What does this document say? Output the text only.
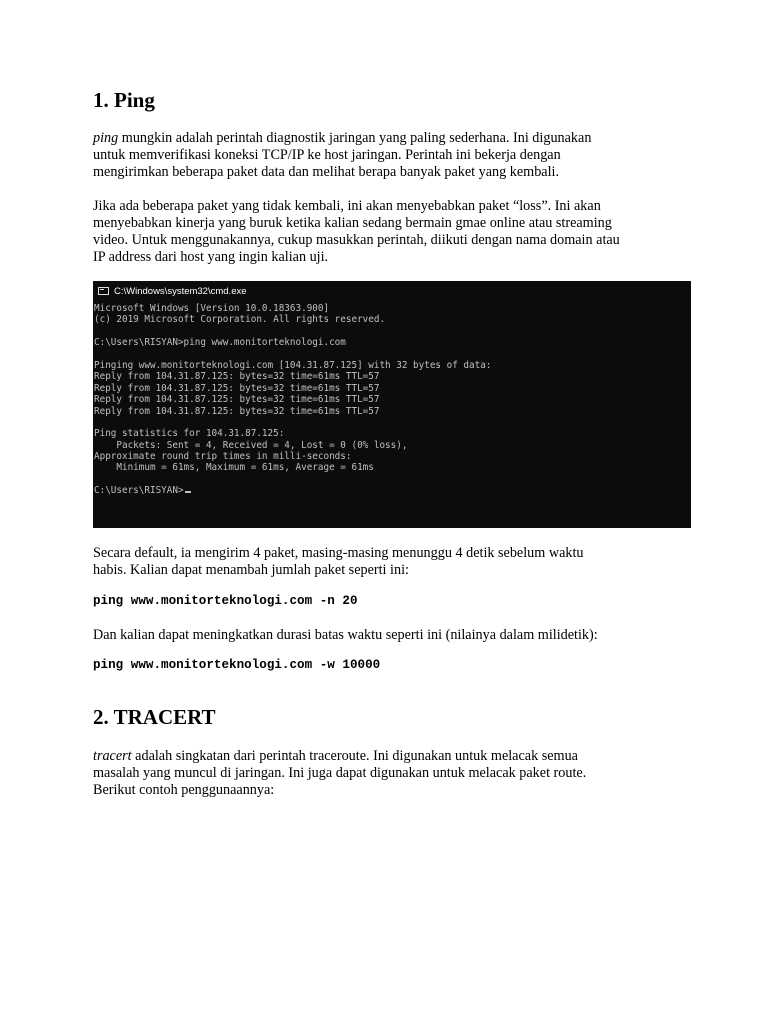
1. Ping

ping mungkin adalah perintah diagnostik jaringan yang paling sederhana. Ini digunakan
untuk memverifikasi koneksi TCP/IP ke host jaringan. Perintah ini bekerja dengan
mengirimkan beberapa paket data dan melihat berapa banyak paket yang kembali.

Jika ada beberapa paket yang tidak kembali, ini akan menyebabkan paket “loss”. Ini akan
menyebabkan kinerja yang buruk ketika kalian sedang bermain gmae online atau streaming
video. Untuk menggunakannya, cukup masukkan perintah, diikuti dengan nama domain atau
IP address dari host yang ingin kalian uji.

C:\Windows\system32\cmd.exe
Microsoft Windows [Version 10.0.18363.900]
(c) 2019 Microsoft Corporation. All rights reserved.
C:\Users\RISYAN>ping www.monitorteknologi.com
Pinging www.monitorteknologi.com [104.31.87.125] with 32 bytes of data:
Reply from 104.31.87.125: bytes=32 time=61ms TTL=57
Reply from 104.31.87.125: bytes=32 time=61ms TTL=57
Reply from 104.31.87.125: bytes=32 time=61ms TTL=57
Reply from 104.31.87.125: bytes=32 time=61ms TTL=57
Ping statistics for 104.31.87.125:
Packets: Sent = 4, Received = 4, Lost = 0 (0% loss),
Approximate round trip times in milli-seconds:
Minimum = 61ms, Maximum = 61ms, Average = 61ms
C:\Users\RISYAN>

Secara default, ia mengirim 4 paket, masing-masing menunggu 4 detik sebelum waktu
habis. Kalian dapat menambah jumlah paket seperti ini:

ping www.monitorteknologi.com -n 20

Dan kalian dapat meningkatkan durasi batas waktu seperti ini (nilainya dalam milidetik):

ping www.monitorteknologi.com -w 10000
2. TRACERT

tracert adalah singkatan dari perintah traceroute. Ini digunakan untuk melacak semua
masalah yang muncul di jaringan. Ini juga dapat digunakan untuk melacak paket route.
Berikut contoh penggunaannya:
